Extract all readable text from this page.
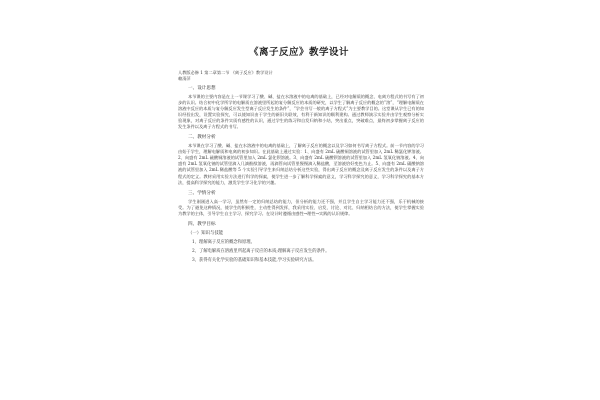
《离子反应》教学设计
人教版必修 1 第二章第二节 《离子反应》教学设计
赖清萍
一、设计思想
本节课的主要内容是在上一节课学习了酸、碱、盐在水溶液中的电离的基础上，已经对电解质的概念、电离方程式的书写有了初步的认识。结合初中化学所学的电解质在溶液里所起的复分解反应的本质的研究，以学生了解离子反应的概念的“溶”，“理解电解质在溶液中反应的本质与复分解反应发生型离子反应发生的条件”，“学会书写一般的离子方程式”为主要教学目的。这堂课从学生已有的知识经验出发，设置实验探究，可以使知识由于学生的新旧关联效，有利于新知识的顺利建构。通过教师演示实验并由学生观察分析实验现象，对离子反应的条件实质有感性的认识，通过学生的练习和自发归纳和小结，突出重点，突破难点，最终初步掌握离子反应的发生条件以及离子方程式的书写。
二、教材分析
本节课在学习了酸、碱、盐在水溶液中的电离的基础上，了解离子反应的概念以及学习如何书写离子方程式。前一节内容的学习由始于学生，理解电解质和电离的初步知识。在此基础上通过实验：1、向盛有 2mL 硫酸铜溶液的试管里加入 2mL 稀氯化钾溶液。2、向盛有 2mL 硫酸铜溶液的试管里加入 2mL 氯化钡溶液。3、向盛有 2mL 硫酸钡溶液的试管里加入 2mL 氢氧化钠溶液。4、向盛有 2mL 氢氧化钠的试管里滴入几滴酚酞溶液，再滴管向试管里慢慢滴入稀盐酸，至溶液恰好变色为止。5、向盛有 2mL 碳酸钠溶液的试管里加入 2mL 稀盐酸等 5 个实验引导学生来归纳总结分析这些实验，得出离子反应的概念及离子反应发生的条件以及离子方程式的定义。教材采用实验方法进行科学的探索，使学生进一步了解科学探索的意义，学习科学探究的意义，学习科学探究的基本方法，提高科学探究的能力，激发学生学习化学的兴趣。
三、学情分析
学生刚刚进入高一学习，虽然有一定的归纳总结的能力，但分析的能力还不强，并且学生自主学习能力还不强，乐于机械的接受。为了避免这种情况，使学生的积极性，主动性得到发挥，我采用实验、启发、讨论、对比、归纳相结合的方法，使学生掌握实验为教学的主体，引导学生自主学习、探究学习。在设计时遵循由感性→理性→实践的认识规律。
四、教学目标
（一）知识与技能
1、理解离子反应的概念和原理。
2、了解电解质在溶液里所起离子反应的本质;理解离子反应发生的条件。
3、获得有关化学实验的基础知识和基本技能,学习实验研究方法。
